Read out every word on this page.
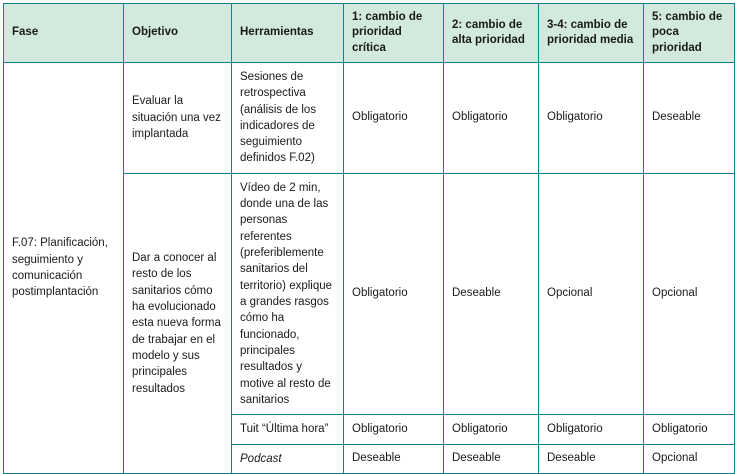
Fase	Objetivo	Herramientas	1: cambio de prioridad crítica	2: cambio de alta prioridad	3-4: cambio de prioridad media	5: cambio de poca prioridad
F.07: Planificación, seguimiento y comunicación postimplantación	Evaluar la situación una vez implantada	Sesiones de retrospectiva (análisis de los indicadores de seguimiento definidos F.02)	Obligatorio	Obligatorio	Obligatorio	Deseable
	Dar a conocer al resto de los sanitarios cómo ha evolucionado esta nueva forma de trabajar en el modelo y sus principales resultados	Vídeo de 2 min, donde una de las personas referentes (preferiblemente sanitarios del territorio) explique a grandes rasgos cómo ha funcionado, principales resultados y motive al resto de sanitarios	Obligatorio	Deseable	Opcional	Opcional
		Tuit “Última hora”	Obligatorio	Obligatorio	Obligatorio	Obligatorio
		Podcast	Deseable	Deseable	Deseable	Opcional
